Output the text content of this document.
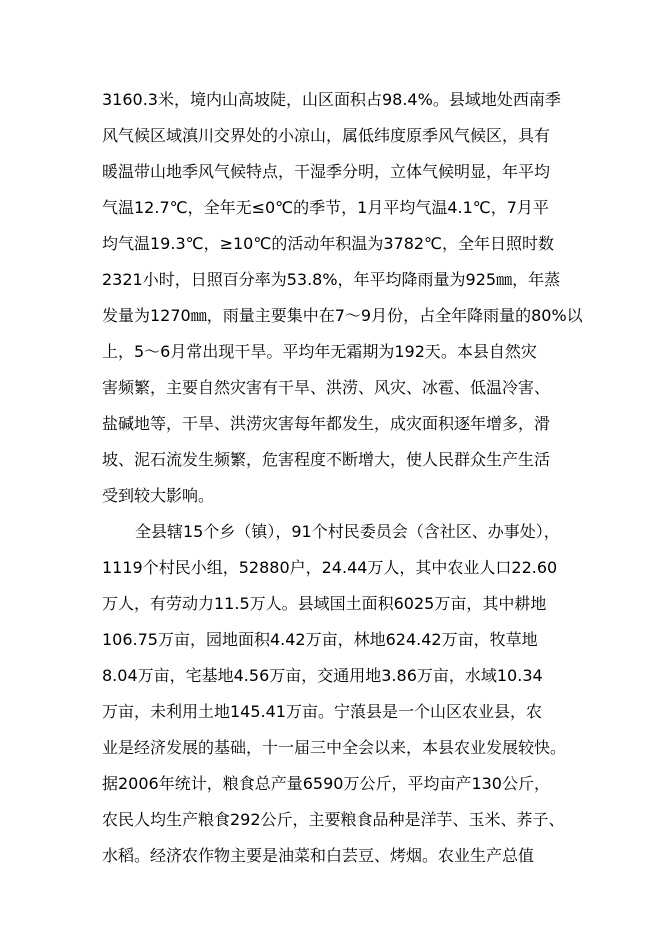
3160.3米，境内山高坡陡，山区面积占98.4%。县域地处西南季
风气候区域滇川交界处的小凉山，属低纬度原季风气候区，具有
暖温带山地季风气候特点，干湿季分明，立体气候明显，年平均
气温12.7℃，全年无≤0℃的季节，1月平均气温4.1℃，7月平
均气温19.3℃，≥10℃的活动年积温为3782℃，全年日照时数
2321小时，日照百分率为53.8%，年平均降雨量为925㎜，年蒸
发量为1270㎜，雨量主要集中在7～9月份，占全年降雨量的80%以
上，5～6月常出现干旱。平均年无霜期为192天。本县自然灾
害频繁，主要自然灾害有干旱、洪涝、风灾、冰雹、低温冷害、
盐碱地等，干旱、洪涝灾害每年都发生，成灾面积逐年增多，滑
坡、泥石流发生频繁，危害程度不断增大，使人民群众生产生活
受到较大影响。
全县辖15个乡（镇），91个村民委员会（含社区、办事处），
1119个村民小组，52880户，24.44万人，其中农业人口22.60
万人，有劳动力11.5万人。县域国土面积6025万亩，其中耕地
106.75万亩，园地面积4.42万亩，林地624.42万亩，牧草地
8.04万亩，宅基地4.56万亩，交通用地3.86万亩，水域10.34
万亩，未利用土地145.41万亩。宁蒗县是一个山区农业县，农
业是经济发展的基础，十一届三中全会以来，本县农业发展较快。
据2006年统计，粮食总产量6590万公斤，平均亩产130公斤，
农民人均生产粮食292公斤，主要粮食品种是洋芋、玉米、荞子、
水稻。经济农作物主要是油菜和白芸豆、烤烟。农业生产总值
